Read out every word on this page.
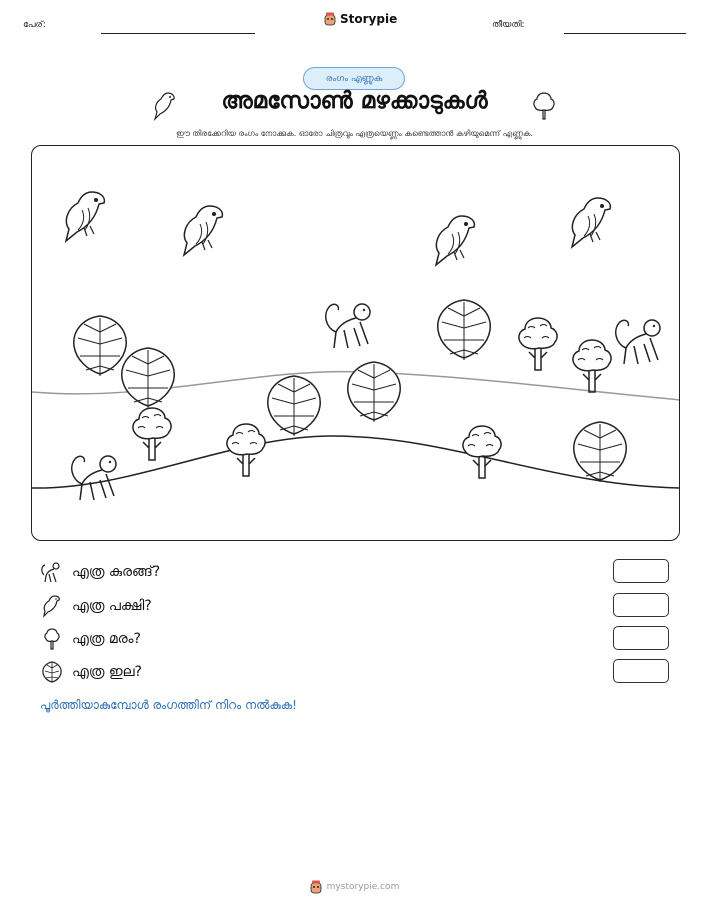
പേര്:	Storypie	തീയതി:
രംഗം എണ്ണുക
അമസോൺ മഴക്കാടുകൾ
ഈ തിരക്കേറിയ രംഗം നോക്കുക. ഓരോ ചിത്രവും എത്രയെണ്ണം കണ്ടെത്താൻ കഴിയുമെന്ന് എണ്ണുക.
എത്ര കുരങ്ങ്?
എത്ര പക്ഷി?
എത്ര മരം?
എത്ര ഇല?
പൂർത്തിയാകുമ്പോൾ രംഗത്തിന് നിറം നൽകുക!
mystorypie.com
